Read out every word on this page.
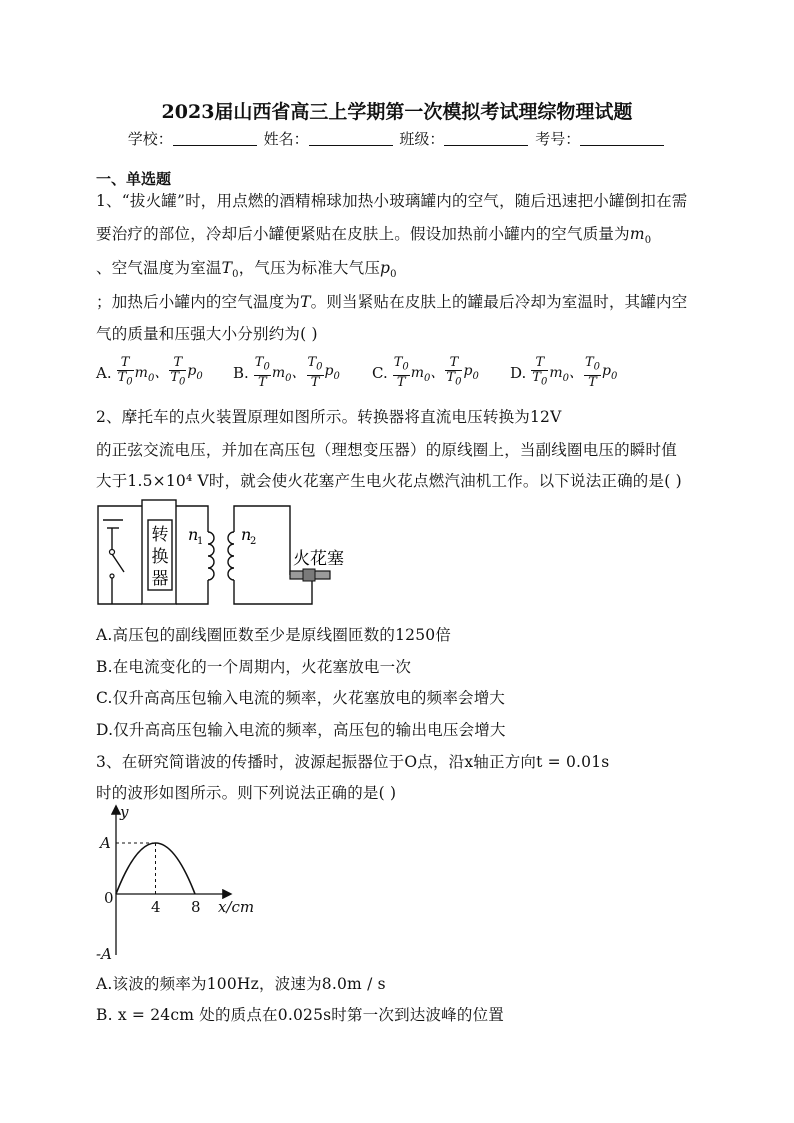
2023届山西省高三上学期第一次模拟考试理综物理试题
学校：	姓名：	班级：	考号：
一、单选题
1、“拔火罐”时，用点燃的酒精棉球加热小玻璃罐内的空气，随后迅速把小罐倒扣在需
要治疗的部位，冷却后小罐便紧贴在皮肤上。假设加热前小罐内的空气质量为$m_0$
、空气温度为室温$T_0$，气压为标准大气压$p_0$
；加热后小罐内的空气温度为T。则当紧贴在皮肤上的罐最后冷却为室温时，其罐内空
气的质量和压强大小分别约为( )
A. $\frac{T}{T_0} m_0$、 $\frac{T}{T_0} p_0$ B. $\frac{T_0}{T} m_0$、 $\frac{T_0}{T} p_0$ C. $\frac{T_0}{T} m_0$、 $\frac{T}{T_0} p_0$ D. $\frac{T}{T_0} m_0$、 $\frac{T_0}{T} p_0$
2、摩托车的点火装置原理如图所示。转换器将直流电压转换为12V
的正弦交流电压，并加在高压包（理想变压器）的原线圈上，当副线圈电压的瞬时值
大于1.5×10⁴ V时，就会使火花塞产生电火花点燃汽油机工作。以下说法正确的是( )
转
换
器
n
1 n
2
火花塞
A.高压包的副线圈匝数至少是原线圈匝数的1250倍
B.在电流变化的一个周期内，火花塞放电一次
C.仅升高高压包输入电流的频率，火花塞放电的频率会增大
D.仅升高高压包输入电流的频率，高压包的输出电压会增大
3、在研究简谐波的传播时，波源起振器位于O点，沿x轴正方向t = 0.01s
时的波形如图所示。则下列说法正确的是( )
y
A
0 4 8 x/cm
-A
A.该波的频率为100Hz，波速为8.0m / s
B. x = 24cm 处的质点在0.025s时第一次到达波峰的位置
